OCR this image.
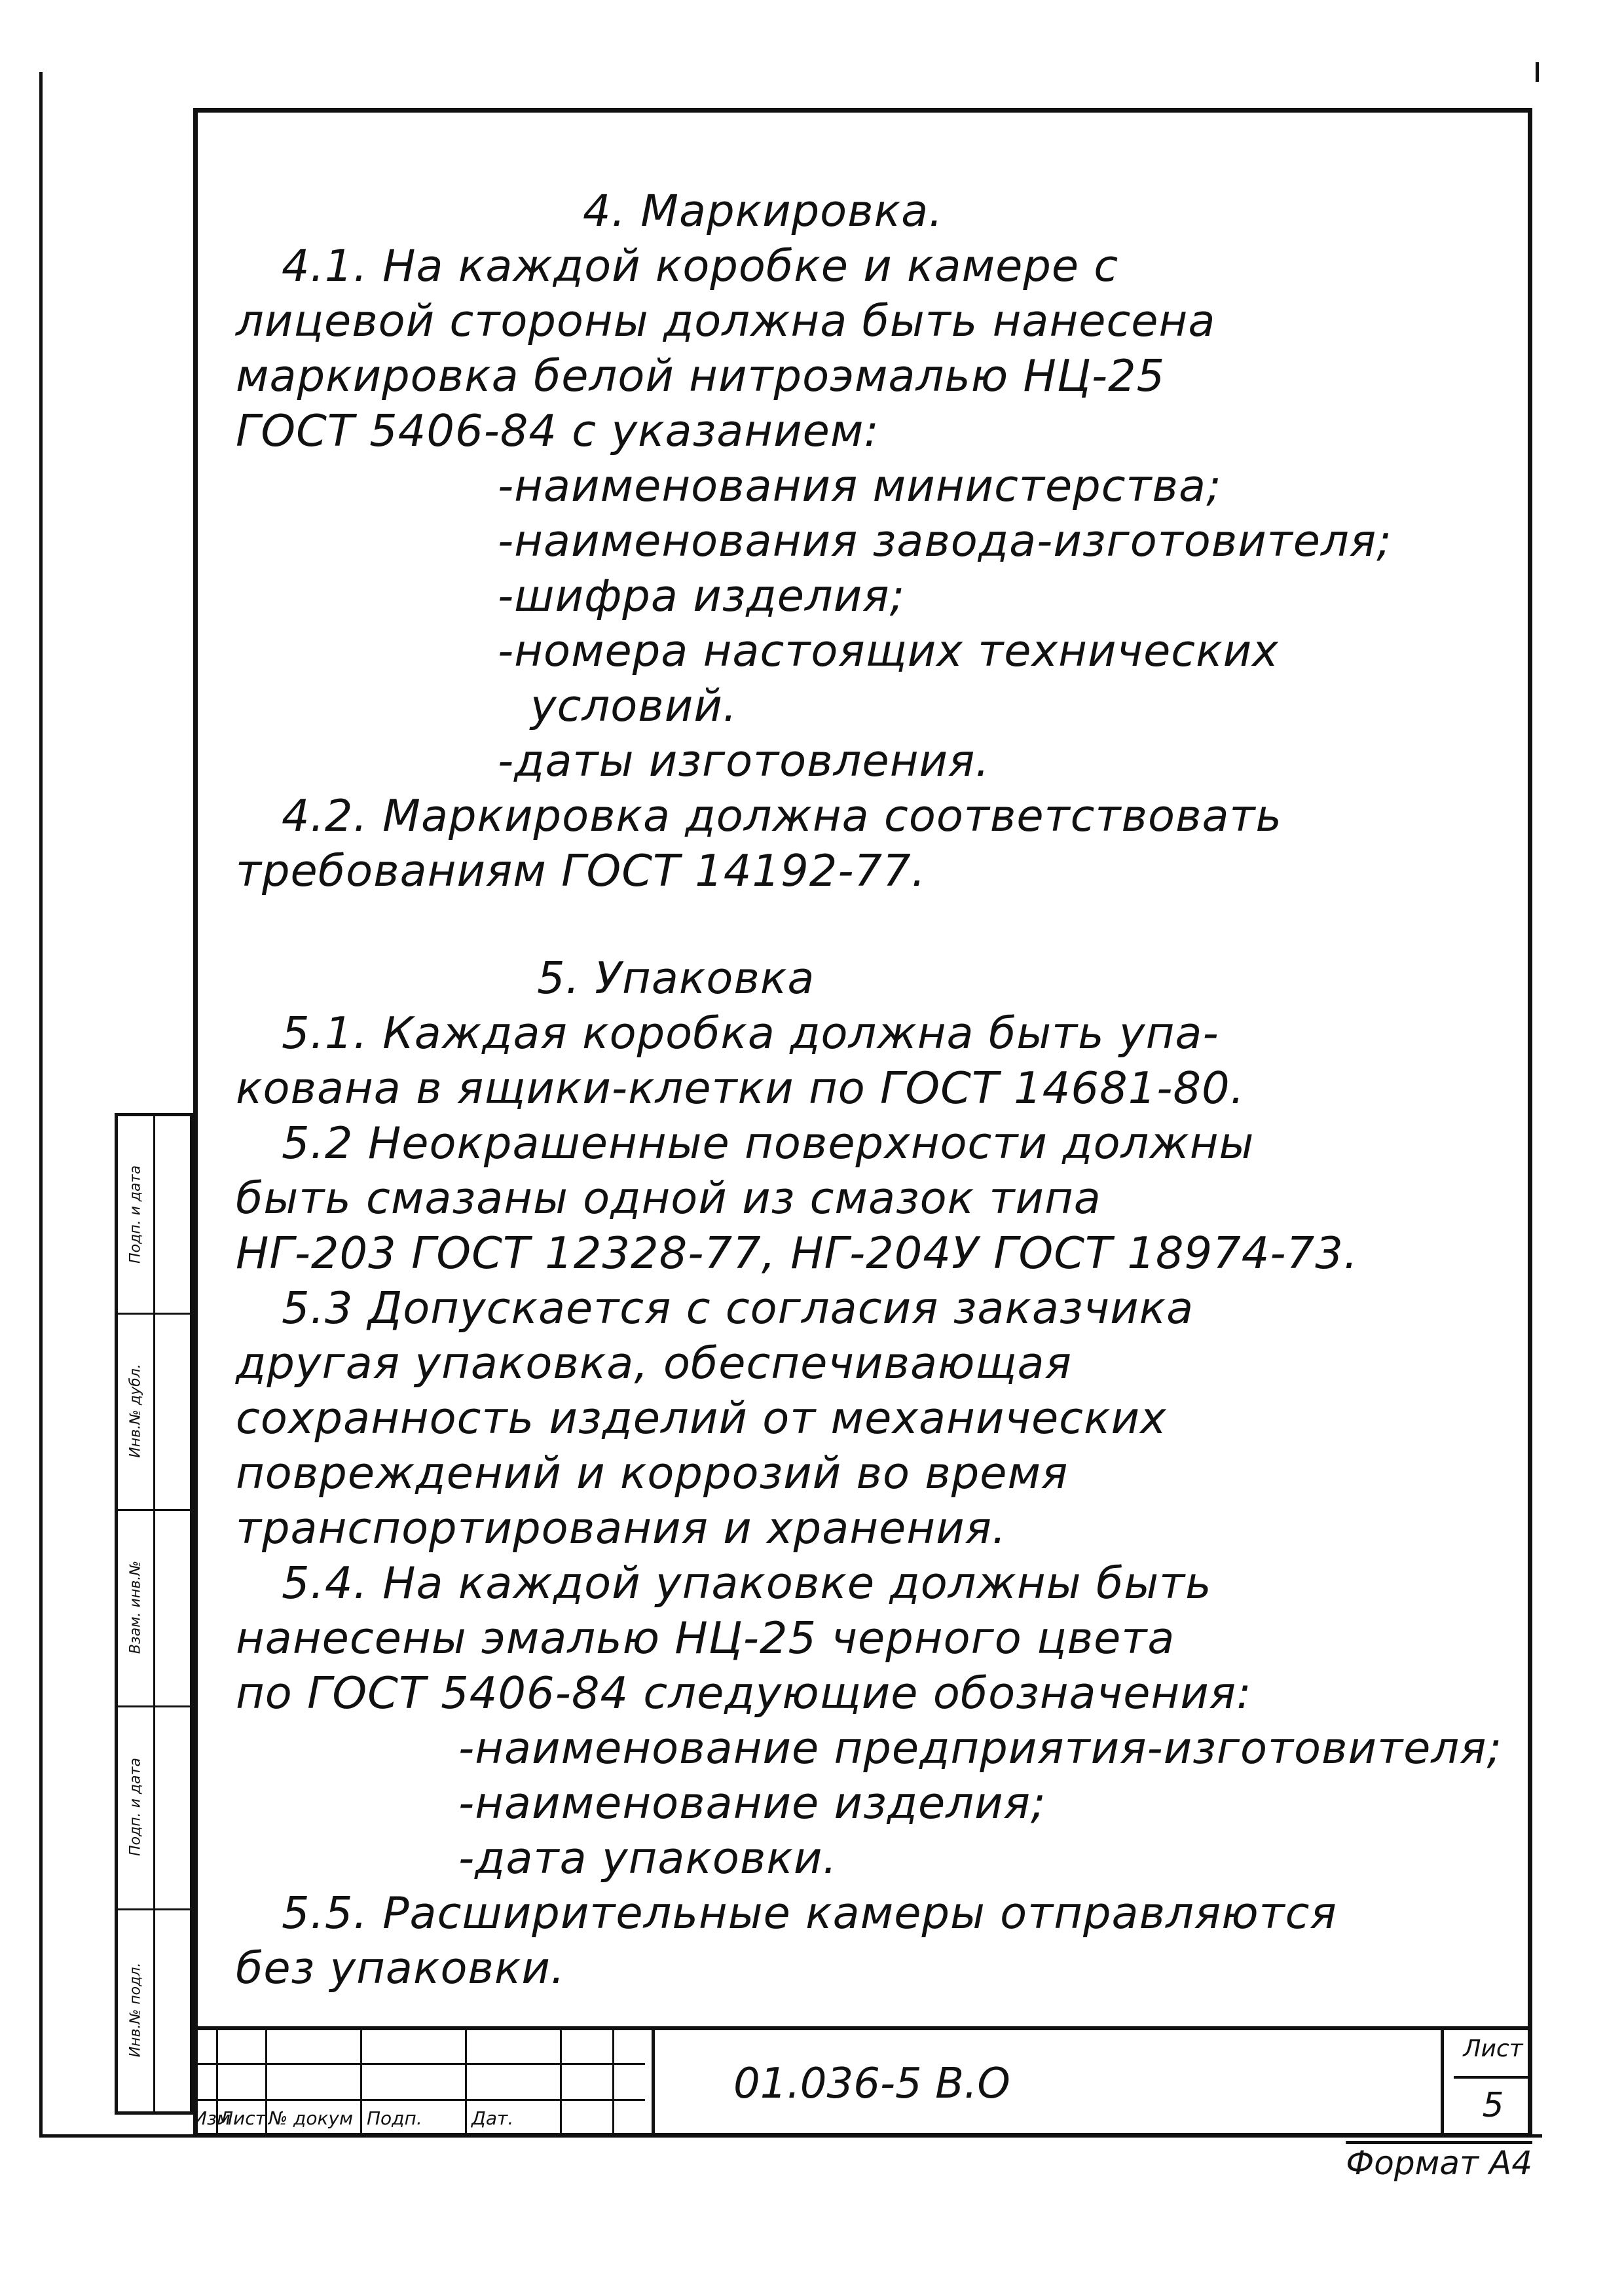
4. Маркировка.
4.1. На каждой коробке и камере с
лицевой стороны должна быть нанесена
маркировка белой нитроэмалью НЦ-25
ГОСТ 5406-84 с указанием:
-наименования министерства;
-наименования завода-изготовителя;
-шифра изделия;
-номера настоящих технических
условий.
-даты изготовления.
4.2. Маркировка должна соответствовать
требованиям ГОСТ 14192-77.
5. Упаковка
5.1. Каждая коробка должна быть упа-
кована в ящики-клетки по ГОСТ 14681-80.
5.2 Неокрашенные поверхности должны
быть смазаны одной из смазок типа
НГ-203 ГОСТ 12328-77, НГ-204У ГОСТ 18974-73.
5.3 Допускается с согласия заказчика
другая упаковка, обеспечивающая
сохранность изделий от механических
повреждений и коррозий во время
транспортирования и хранения.
5.4. На каждой упаковке должны быть
нанесены эмалью НЦ-25 черного цвета
по ГОСТ 5406-84 следующие обозначения:
-наименование предприятия-изготовителя;
-наименование изделия;
-дата упаковки.
5.5. Расширительные камеры отправляются
без упаковки.
Подп. и дата
Инв.№ дубл.
Взам. инв.№
Подп. и дата
Инв.№ подл.
Изм
Лист № докум Подп.	Дат.
01.036-5 В.О
Лист
5
Формат А4
